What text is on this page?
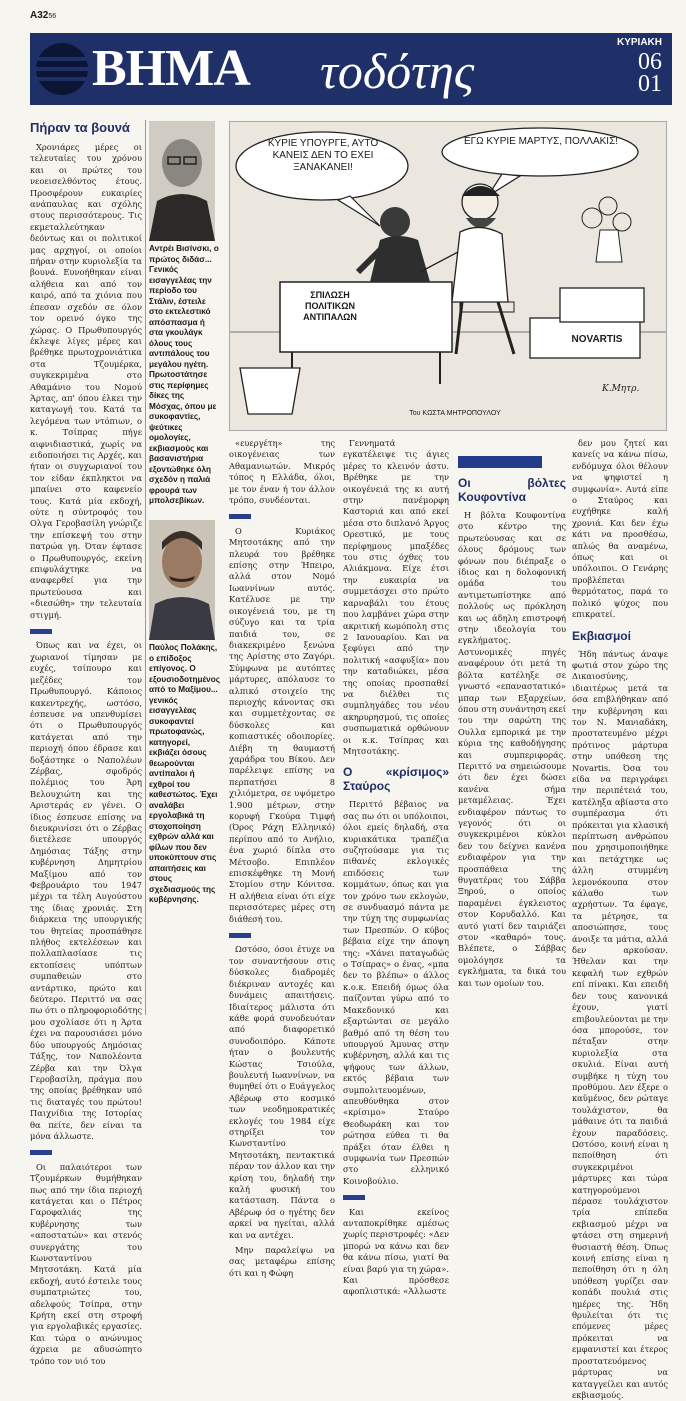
A3256
ΒΗΜΑ τοδότης
ΚΥΡΙΑΚΗ
06
01
Πήραν τα βουνά

Χρονιάρες μέρες οι τελευταίες του χρόνου και οι πρώτες του νεοεισελθόντος έτους. Προσφέρουν ευκαιρίες ανάπαυλας και σχόλης στους περισσότερους. Τις εκμεταλλεύτηκαν δεόντως και οι πολιτικοί μας αρχηγοί, οι οποίοι πήραν στην κυριολεξία τα βουνά. Ευνοήθηκαν είναι αλήθεια και από τον καιρό, από τα χιόνια που έπεσαν σχεδόν σε όλον τον ορεινό όγκο της χώρας. Ο Πρωθυπουργός έκλεψε λίγες μέρες και βρέθηκε πρωτοχρονιάτικα στα Τζουμέρκα, συγκεκριμένα στο Αθαμάνιο του Νομού Άρτας, απ' όπου έλκει την καταγωγή του. Κατά τα λεγόμενα των ντόπιων, ο κ. Τσίπρας πήγε αιφνιδιαστικά, χωρίς να ειδοποιήσει τις Αρχές, και ήταν οι συγχωριανοί του τον είδαν έκπληκτοι να μπαίνει στο καφενείο τους. Κατά μία εκδοχή, ούτε η σύντροφός του Ολγα Γεροβασίλη γνώριζε την επίσκεψή του στην πατρώα γη. Όταν έφτασε ο Πρωθυπουργός, εκείνη επιφυλάχτηκε να αναφερθεί για την πρωτεύουσα και «διεσώθη» την τελευταία στιγμή.

Όπως και να έχει, οι χωριανοί τίμησαν με ευχές, τσίπουρο και μεζέδες τον Πρωθυπουργό. Κάποιος κακεντρεχής, ωστόσο, έσπευσε να υπενθυμίσει ότι ο Πρωθυπουργός κατάγεται από την περιοχή όπου έδρασε και δοξάστηκε ο Ναπολέων Ζέρβας, σφοδρός πολέμιος του Άρη Βελουχιώτη και της Αριστεράς εν γένει. Ο ίδιος έσπευσε επίσης να διευκρινίσει ότι ο Ζέρβας διετέλεσε υπουργός Δημόσιας Τάξης στην κυβέρνηση Δημητρίου Μαξίμου από τον Φεβρουάριο του 1947 μέχρι τα τέλη Αυγούστου της ίδιας χρονιάς. Στη διάρκεια της υπουργικής του θητείας προσπάθησε πλήθος εκτελέσεων και πολλαπλασίασε τις εκτοπίσεις υπόπτων συμπαθειών στο αντάρτικο, πρώτο και δεύτερο. Περιττό να σας πω ότι ο πληροφοριοδότης μου σχολίασε ότι η Άρτα έχει να παρουσιάσει μόνο δύο υπουργούς Δημόσιας Τάξης, τον Ναπολέοντα Ζέρβα και την Όλγα Γεροβασίλη, πράγμα που της οποίας βρέθηκαν υπό τις διαταγές του πρώτου! Παιχνίδια της Ιστορίας θα πείτε, δεν είναι τα μόνα άλλωστε.

Οι παλαιότεροι των Τζουμέρκων θυμήθηκαν πως από την ίδια περιοχή κατάγεται και ο Πέτρος Γαροφαλιάς της κυβέρνησης των «αποστατών» και στενός συνεργάτης του Κωνσταντίνου Μητσοτάκη. Κατά μία εκδοχή, αυτό έστειλε τους συμπατριώτες του, αδελφούς Τσίπρα, στην Κρήτη εκεί στη στροφή για εργολαβικές εργασίες. Και τώρα ο ανώνυμος άχρεια με αδυσώπητο τρόπο τον υιό του

Αντρέι Βισίνσκι, ο πρώτος διδάσ... Γενικός εισαγγελέας την περίοδο του Στάλιν, έστειλε στο εκτελεστικό απόσπασμα ή στα γκουλάγκ όλους τους αντιπάλους του μεγάλου ηγέτη. Πρωτοστάτησε στις περίφημες δίκες της Μόσχας, όπου με συκοφαντίες, ψεύτικες ομολογίες, εκβιασμούς και βασανιστήρια εξοντώθηκε όλη σχεδόν η παλιά φρουρά των μπολσεβίκων.
Παύλος Πολάκης, ο επίδοξος επίγονος. Ο εξουσιοδοτημένος από το Μαξίμου... γενικός εισαγγελέας συκοφαντεί πρωτοφανώς, κατηγορεί, εκβιάζει όσους θεωρούνται αντίπαλοι ή εχθροί του καθεστώτος. Έχει αναλάβει εργολαβικά τη στοχοποίηση εχθρών αλλά και φίλων που δεν υποκύπτουν στις απαιτήσεις και στους σχεδιασμούς της κυβέρνησης.
ΚΥΡΙΕ ΥΠΟΥΡΓΕ, ΑΥΤΟ ΚΑΝΕΙΣ ΔΕΝ ΤΟ ΕΧΕΙ ΞΑΝΑΚΑΝΕΙ!
ΕΓΩ ΚΥΡΙΕ ΜΑΡΤΥΣ, ΠΟΛΛΑΚΙΣ!
ΣΠΙΛΩΣΗ ΠΟΛΙΤΙΚΩΝ ΑΝΤΙΠΑΛΩΝ
NOVARTIS
Του ΚΩΣΤΑ ΜΗΤΡΟΠΟΥΛΟΥ
Κ.Μητρ.

«ευεργέτη» της οικογένειας των Αθαμανιωτών. Μικρός τόπος η Ελλάδα, όλοι, με τον έναν ή τον άλλον τρόπο, συνδέονται.

Ο Κυριάκος Μητσοτάκης από την πλευρά του βρέθηκε επίσης στην Ήπειρο, αλλά στον Νομό Ιωαννίνων αυτός. Κατέλυσε με την οικογένειά του, με τη σύζυγο και τα τρία παιδιά του, σε διακεκριμένο ξενώνα της Αρίστης στο Ζαγόρι. Σύμφωνα με αυτόπτες μάρτυρες, απόλαυσε το αλπικό στοιχείο της περιοχής κάνοντας σκι και συμμετέχοντας σε δύσκολες και κοπιαστικές οδοιπορίες. Διέβη τη θαυμαστή χαράδρα του Βίκου. Δεν παρέλειψε επίσης να περπατήσει 8 χιλιόμετρα, σε υψόμετρο 1.900 μέτρων, στην κορυφή Γκούρα Τιμφή (Όρος Ράχη Ελληνικό) περίπου από το Ανήλιο, ένα χωριό δίπλα στο Μέτσοβο. Επιπλέον επισκέφθηκε τη Μονή Στομίου στην Κόνιτσα. Η αλήθεια είναι ότι είχε περισσότερες μέρες στη διάθεσή του.

Ωστόσο, όσοι έτυχε να τον συναντήσουν στις δύσκολες διαδρομές διέκριναν αντοχές και δυνάμεις απαιτήσεις. Ιδιαίτερος μάλιστα ότι κάθε φορά συνοδευόταν από διαφορετικό συνοδοιπόρο. Κάποτε ήταν ο βουλευτής Κώστας Τσιούλα, βουλευτή Ιωαννίνων, να θυμηθεί ότι ο Ευάγγελος Αβέρωφ στο κοσμικό των νεοδημοκρατικές εκλογές του 1984 είχε στηρίξει τον Κωνσταντίνο Μητσοτάκη, πεντακτικά πέραν τον άλλον και την κρίση του, δηλαδή την καλή φυσική του κατάσταση. Πάντα ο Αβέρωφ όσ ο ηγέτης δεν αρκεί να ηγείται, αλλά και να αντέχει.

Μην παραλείψω να σας μεταφέρω επίσης ότι και η Φώφη

Γεννηματά εγκατέλειψε τις άγιες μέρες το κλεινόν άστυ. Βρέθηκε με την οικογένειά της κι αυτή στην πανέμορφη Καστοριά και από εκεί μέσα στο διπλανό Άργος Ορεστικό, με τους περίφημους μπαξέδες του στις όχθες του Αλιάκμονα. Είχε έτσι την ευκαιρία να συμμετάσχει στο πρώτο καρναβάλι του έτους που λαμβάνει χώρα στην ακριτική κωμόπολη στις 2 Ιανουαρίου. Και να ξεφύγει από την πολιτική «ασφυξία» που την καταδιώκει, μέσα της οποίας προσπαθεί να διέλθει τις συμπληγάδες του νέου ακηρυρησμού, τις οποίες συσπωματικά ορθώνουν οι κ.κ. Τσίπρας και Μητσοτάκης.

Ο «κρίσιμος» Σταύρος

Περιττό βέβαιος να σας πω ότι οι υπόλοιποι, όλοι εμείς δηλαδή, στα κυριακάτικα τραπέζια συζητούσαμε για τις πιθανές εκλογικές επιδόσεις των κομμάτων, όπως και για τον χρόνο των εκλογών, σε συνδυασμό πάντα με την τύχη της συμφωνίας των Πρεσπών. Ο κύβος βέβαια είχε την άποψη της: «Χάνει παταγωδώς ο Τσίπρας» ο ένας, «μπα δεν το βλέπω» ο άλλος κ.ο.κ. Επειδή όμως όλα παίζονται γύρω από το Μακεδονικό και εξαρτώνται σε μεγάλο βαθμό από τη θέση του υπουργού Άμυνας στην κυβέρνηση, αλλά και τις ψήφους των άλλων, εκτός βέβαια των συμπολιτευομένων, απευθύνθηκα στον «κρίσιμο» Σταύρο Θεοδωράκη και τον ρώτησα εύθεα τι θα πράξει όταν έλθει η συμφωνία των Πρεσπών στο ελληνικό Κοινοβούλιο.

Και εκείνος ανταποκρίθηκε αμέσως χωρίς περιστροφές: «Δεν μπορώ να κάνω και δεν θα κάνω πίσω, γιατί θα είναι βαρύ για τη χώρα». Και πρόσθεσε αφοπλιστικά: «Άλλωστε

Οι βόλτες Κουφοντίνα

Η βόλτα Κουφοντίνα στο κέντρο της πρωτεύουσας και σε όλους δρόμους των φόνων που διέπραξε ο ίδιος και η δολοφονική ομάδα του αντιμετωπίστηκε από πολλούς ως πρόκληση και ως άδηλη επιστροφή στην ιδεολογία του εγκλήματος. Αστυνομικές πηγές αναφέρουν ότι μετά τη βόλτα κατέληξε σε γνωστό «επαναστατικό» μπαρ των Εξαρχείων, όπου στη συνάντηση εκεί του την σαρώτη της Ουλλα εμπορικά με την κύρια της καθοδήγησης και συμπεριφοράς. Περιττό να σημειώσουμε ότι δεν έχει δώσει κανένα σήμα μεταμέλειας. Έχει ενδιαφέρον πάντως το γεγονός ότι οι συγκεκριμένοι κύκλοι δεν του δείχνει κανένα ενδιαφέρον για την προσπάθεια της θυγατέρας του Σάββα Ξηρού, ο οποίος παραμένει έγκλειστος στον Κορυδαλλό. Και αυτό γιατί δεν ταιριάζει στον «καθαρό» τους. Βλέπετε, ο Σάββας ομολόγησε τα εγκλήματα, τα δικά του και των ομοίων του.

δεν μου ζητεί και κανείς να κάνω πίσω, ενδόμυχα όλοι θέλουν να ψηφιστεί η συμφωνία». Αυτά είπε ο Σταύρος και ευχήθηκε καλή χρονιά. Και δεν έχω κάτι να προσθέσω, απλώς θα αναμένω, όπως και οι υπόλοιποι. Ο Γενάρης προβλέπεται θερμότατος, παρά το πολικό ψύχος που επικρατεί.

Εκβιασμοί

Ήδη πάντως άναψε φωτιά στον χώρο της Δικαιοσύνης, ιδιαιτέρως μετά τα όσα επιβλήθηκαν από την κυβέρνηση και τον Ν. Μανιαδάκη, προστατευμένο μέχρι πρότινος μάρτυρα στην υπόθεση της Novartis. Όσα του είδα να περιγράφει την περιπέτειά του, κατέληξα αβίαστα στο συμπέρασμα ότι πρόκειται για κλασική περίπτωση ανθρώπου που χρησιμοποιήθηκε και πετάχτηκε ως άλλη στυμμένη λεμονόκουπα στον κάλαθο των αχρήστων. Τα έφαγε, τα μέτρησε, τα αποσιώπησε, τους άνοιξε τα μάτια, αλλά δεν αρκούσαν. Ήθελαν και την κεφαλή των εχθρών επί πίνακι. Και επειδή δεν τους κανονικά έχουν, γιατί επιβουλεύονται με την όσα μπορούσε, τον πέταξαν στην κυριολεξία στα σκυλιά. Είναι αυτή συμβήκε η τύχη του προθύμου. Δεν έξερε ο καϋμένος, δεν ρώταγε τουλάχιστον, θα μάθαινε ότι τα παιδιά έχουν παραδόσεις. Ωστόσο, κοινή είναι η πεποίθηση ότι συγκεκριμένοι μάρτυρες και τώρα κατηγορούμενοι πέρασε τουλάχιστον τρία επίπεδα εκβιασμού μέχρι να φτάσει στη σημερινή θυσιαστή θέση. Όπως κοινή επίσης είναι η πεποίθηση ότι η όλη υπόθεση γυρίζει σαν κοπάδι πουλιά στις ημέρες της. Ήδη θρυλείται ότι τις επόμενες μέρες πρόκειται να εμφανιστεί και έτερος προστατευόμενος μάρτυρας να καταγγείλει και αυτός εκβιασμούς.
